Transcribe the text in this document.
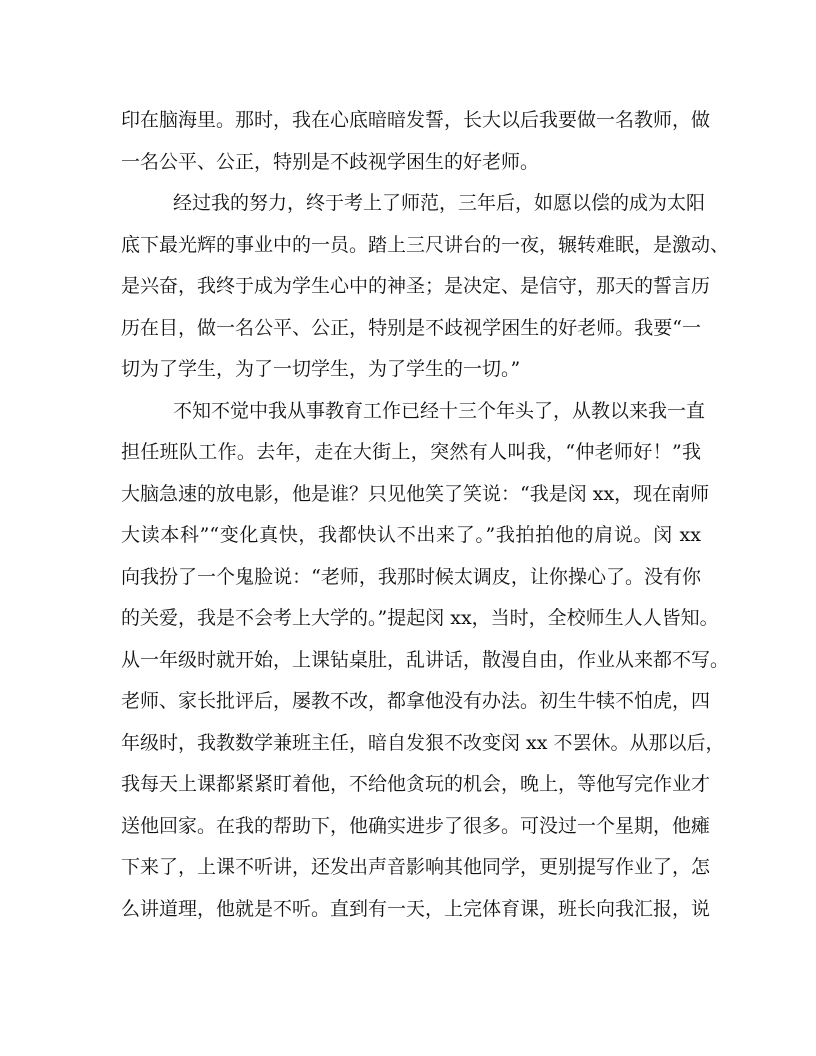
印在脑海里。那时，我在心底暗暗发誓，长大以后我要做一名教师，做
一名公平、公正，特别是不歧视学困生的好老师。
经过我的努力，终于考上了师范，三年后，如愿以偿的成为太阳
底下最光辉的事业中的一员。踏上三尺讲台的一夜，辗转难眠，是激动、
是兴奋，我终于成为学生心中的神圣；是决定、是信守，那天的誓言历
历在目，做一名公平、公正，特别是不歧视学困生的好老师。我要“一
切为了学生，为了一切学生，为了学生的一切。”
不知不觉中我从事教育工作已经十三个年头了，从教以来我一直
担任班队工作。去年，走在大街上，突然有人叫我，“仲老师好！”我
大脑急速的放电影，他是谁？只见他笑了笑说：“我是闵 xx，现在南师
大读本科”“变化真快，我都快认不出来了。”我拍拍他的肩说。闵 xx
向我扮了一个鬼脸说：“老师，我那时候太调皮，让你操心了。没有你
的关爱，我是不会考上大学的。”提起闵 xx，当时，全校师生人人皆知。
从一年级时就开始，上课钻桌肚，乱讲话，散漫自由，作业从来都不写。
老师、家长批评后，屡教不改，都拿他没有办法。初生牛犊不怕虎，四
年级时，我教数学兼班主任，暗自发狠不改变闵 xx 不罢休。从那以后，
我每天上课都紧紧盯着他，不给他贪玩的机会，晚上，等他写完作业才
送他回家。在我的帮助下，他确实进步了很多。可没过一个星期，他瘫
下来了，上课不听讲，还发出声音影响其他同学，更别提写作业了，怎
么讲道理，他就是不听。直到有一天，上完体育课，班长向我汇报，说
